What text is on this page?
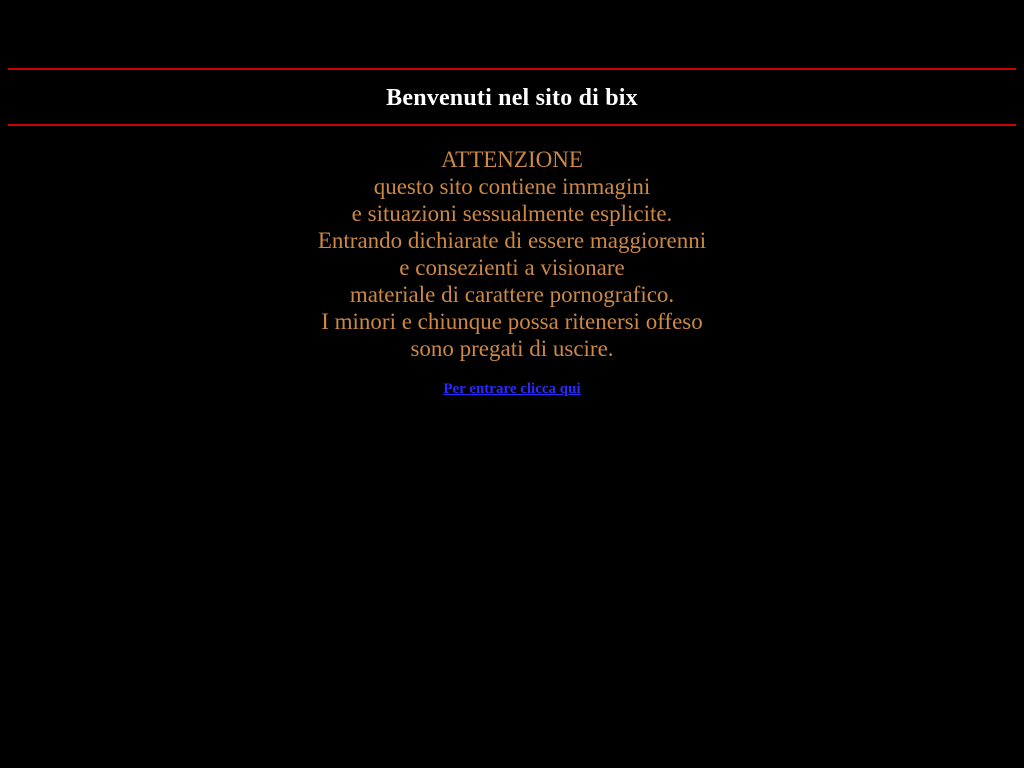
Benvenuti nel sito di bix
ATTENZIONE
questo sito contiene immagini
e situazioni sessualmente esplicite.
Entrando dichiarate di essere maggiorenni
e consezienti a visionare
materiale di carattere pornografico.
I minori e chiunque possa ritenersi offeso
sono pregati di uscire.
Per entrare clicca qui
